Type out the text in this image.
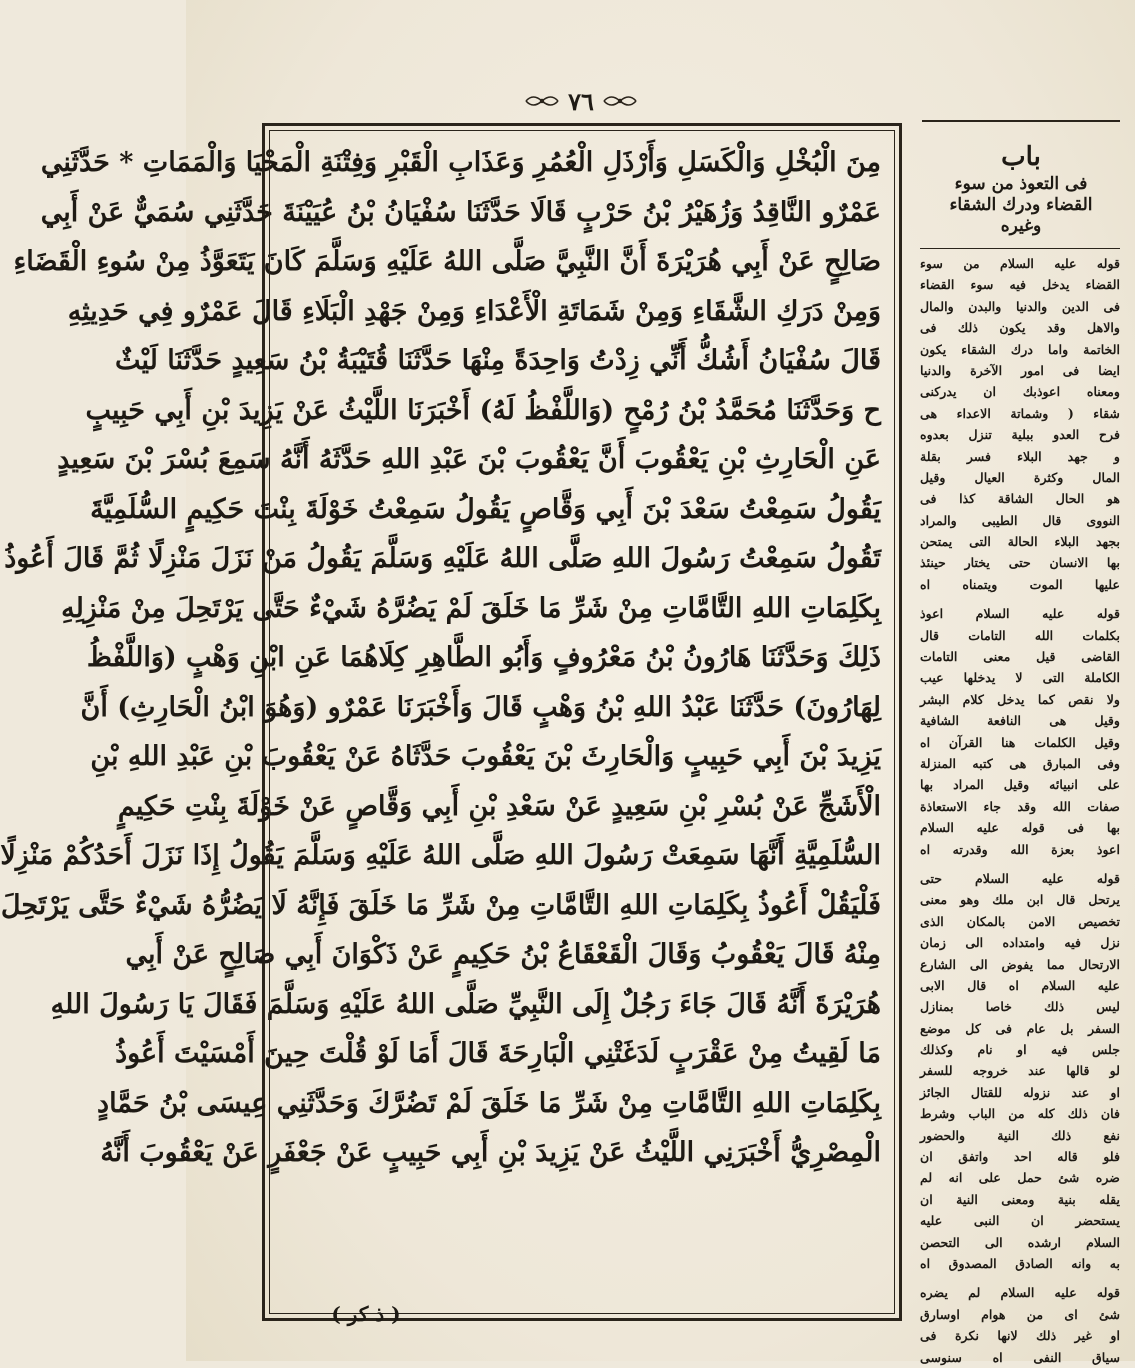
٧٦
باب
فى التعوذ من سوء
القضاء ودرك الشقاء
وغيره
قوله عليه السلام من سوء
القضاء يدخل فيه سوء القضاء
فى الدين والدنيا والبدن والمال
والاهل وقد يكون ذلك فى
الخاتمة واما درك الشقاء يكون
ايضا فى امور الآخرة والدنيا
ومعناه اعوذبك ان يدركنى
شقاء ( وشماتة الاعداء هى
فرح العدو ببلية تنزل بعدوه
و جهد البلاء فسر بقلة
المال وكثرة العيال وقيل
هو الحال الشاقة كذا فى
النووى قال الطيبى والمراد
بجهد البلاء الحالة التى يمتحن
بها الانسان حتى يختار حينئذ
عليها الموت ويتمناه اه
قوله عليه السلام اعوذ
بكلمات الله التامات قال
القاضى قيل معنى التامات
الكاملة التى لا يدخلها عيب
ولا نقص كما يدخل كلام البشر
وقيل هى النافعة الشافية
وقيل الكلمات هنا القرآن اه
وفى المبارق هى كتبه المنزلة
على انبيائه وقيل المراد بها
صفات الله وقد جاء الاستعاذة
بها فى قوله عليه السلام
اعوذ بعزة الله وقدرته اه
قوله عليه السلام حتى
يرتحل قال ابن ملك وهو معنى
تخصيص الامن بالمكان الذى
نزل فيه وامتداده الى زمان
الارتحال مما يفوض الى الشارع
عليه السلام اه قال الابى
ليس ذلك خاصا بمنازل
السفر بل عام فى كل موضع
جلس فيه او نام وكذلك
لو قالها عند خروجه للسفر
او عند نزوله للقتال الجائز
فان ذلك كله من الباب وشرط
نفع ذلك النية والحضور
فلو قاله احد واتفق ان
ضره شئ حمل على انه لم
يقله بنية ومعنى النية ان
يستحضر ان النبى عليه
السلام ارشده الى التحصن
به وانه الصادق المصدوق اه
قوله عليه السلام لم يضره
شئ اى من هوام اوسارق
او غير ذلك لانها نكرة فى
سياق النفى اه سنوسى
مِنَ الْبُخْلِ وَالْكَسَلِ وَأَرْذَلِ الْعُمُرِ وَعَذَابِ الْقَبْرِ وَفِتْنَةِ الْمَحْيَا وَالْمَمَاتِ * حَدَّثَنِي
عَمْرٌو النَّاقِدُ وَزُهَيْرُ بْنُ حَرْبٍ قَالَا حَدَّثَنَا سُفْيَانُ بْنُ عُيَيْنَةَ حَدَّثَنِي سُمَيٌّ عَنْ أَبِي
صَالِحٍ عَنْ أَبِي هُرَيْرَةَ أَنَّ النَّبِيَّ صَلَّى اللهُ عَلَيْهِ وَسَلَّمَ كَانَ يَتَعَوَّذُ مِنْ سُوءِ الْقَضَاءِ
وَمِنْ دَرَكِ الشَّقَاءِ وَمِنْ شَمَاتَةِ الْأَعْدَاءِ وَمِنْ جَهْدِ الْبَلَاءِ قَالَ عَمْرٌو فِي حَدِيثِهِ
قَالَ سُفْيَانُ أَشُكُّ أَنِّي زِدْتُ وَاحِدَةً مِنْهَا حَدَّثَنَا قُتَيْبَةُ بْنُ سَعِيدٍ حَدَّثَنَا لَيْثٌ
ح وَحَدَّثَنَا مُحَمَّدُ بْنُ رُمْحٍ (وَاللَّفْظُ لَهُ) أَخْبَرَنَا اللَّيْثُ عَنْ يَزِيدَ بْنِ أَبِي حَبِيبٍ
عَنِ الْحَارِثِ بْنِ يَعْقُوبَ أَنَّ يَعْقُوبَ بْنَ عَبْدِ اللهِ حَدَّثَهُ أَنَّهُ سَمِعَ بُسْرَ بْنَ سَعِيدٍ
يَقُولُ سَمِعْتُ سَعْدَ بْنَ أَبِي وَقَّاصٍ يَقُولُ سَمِعْتُ خَوْلَةَ بِنْتَ حَكِيمٍ السُّلَمِيَّةَ
تَقُولُ سَمِعْتُ رَسُولَ اللهِ صَلَّى اللهُ عَلَيْهِ وَسَلَّمَ يَقُولُ مَنْ نَزَلَ مَنْزِلًا ثُمَّ قَالَ أَعُوذُ
بِكَلِمَاتِ اللهِ التَّامَّاتِ مِنْ شَرِّ مَا خَلَقَ لَمْ يَضُرَّهُ شَيْءٌ حَتَّى يَرْتَحِلَ مِنْ مَنْزِلِهِ
ذَلِكَ وَحَدَّثَنَا هَارُونُ بْنُ مَعْرُوفٍ وَأَبُو الطَّاهِرِ كِلَاهُمَا عَنِ ابْنِ وَهْبٍ (وَاللَّفْظُ
لِهَارُونَ) حَدَّثَنَا عَبْدُ اللهِ بْنُ وَهْبٍ قَالَ وَأَخْبَرَنَا عَمْرٌو (وَهُوَ ابْنُ الْحَارِثِ) أَنَّ
يَزِيدَ بْنَ أَبِي حَبِيبٍ وَالْحَارِثَ بْنَ يَعْقُوبَ حَدَّثَاهُ عَنْ يَعْقُوبَ بْنِ عَبْدِ اللهِ بْنِ
الْأَشَجِّ عَنْ بُسْرِ بْنِ سَعِيدٍ عَنْ سَعْدِ بْنِ أَبِي وَقَّاصٍ عَنْ خَوْلَةَ بِنْتِ حَكِيمٍ
السُّلَمِيَّةِ أَنَّهَا سَمِعَتْ رَسُولَ اللهِ صَلَّى اللهُ عَلَيْهِ وَسَلَّمَ يَقُولُ إِذَا نَزَلَ أَحَدُكُمْ مَنْزِلًا
فَلْيَقُلْ أَعُوذُ بِكَلِمَاتِ اللهِ التَّامَّاتِ مِنْ شَرِّ مَا خَلَقَ فَإِنَّهُ لَا يَضُرُّهُ شَيْءٌ حَتَّى يَرْتَحِلَ
مِنْهُ قَالَ يَعْقُوبُ وَقَالَ الْقَعْقَاعُ بْنُ حَكِيمٍ عَنْ ذَكْوَانَ أَبِي صَالِحٍ عَنْ أَبِي
هُرَيْرَةَ أَنَّهُ قَالَ جَاءَ رَجُلٌ إِلَى النَّبِيِّ صَلَّى اللهُ عَلَيْهِ وَسَلَّمَ فَقَالَ يَا رَسُولَ اللهِ
مَا لَقِيتُ مِنْ عَقْرَبٍ لَدَغَتْنِي الْبَارِحَةَ قَالَ أَمَا لَوْ قُلْتَ حِينَ أَمْسَيْتَ أَعُوذُ
بِكَلِمَاتِ اللهِ التَّامَّاتِ مِنْ شَرِّ مَا خَلَقَ لَمْ تَضُرَّكَ وَحَدَّثَنِي عِيسَى بْنُ حَمَّادٍ
الْمِصْرِيُّ أَخْبَرَنِي اللَّيْثُ عَنْ يَزِيدَ بْنِ أَبِي حَبِيبٍ عَنْ جَعْفَرٍ عَنْ يَعْقُوبَ أَنَّهُ
( ذ كر )
